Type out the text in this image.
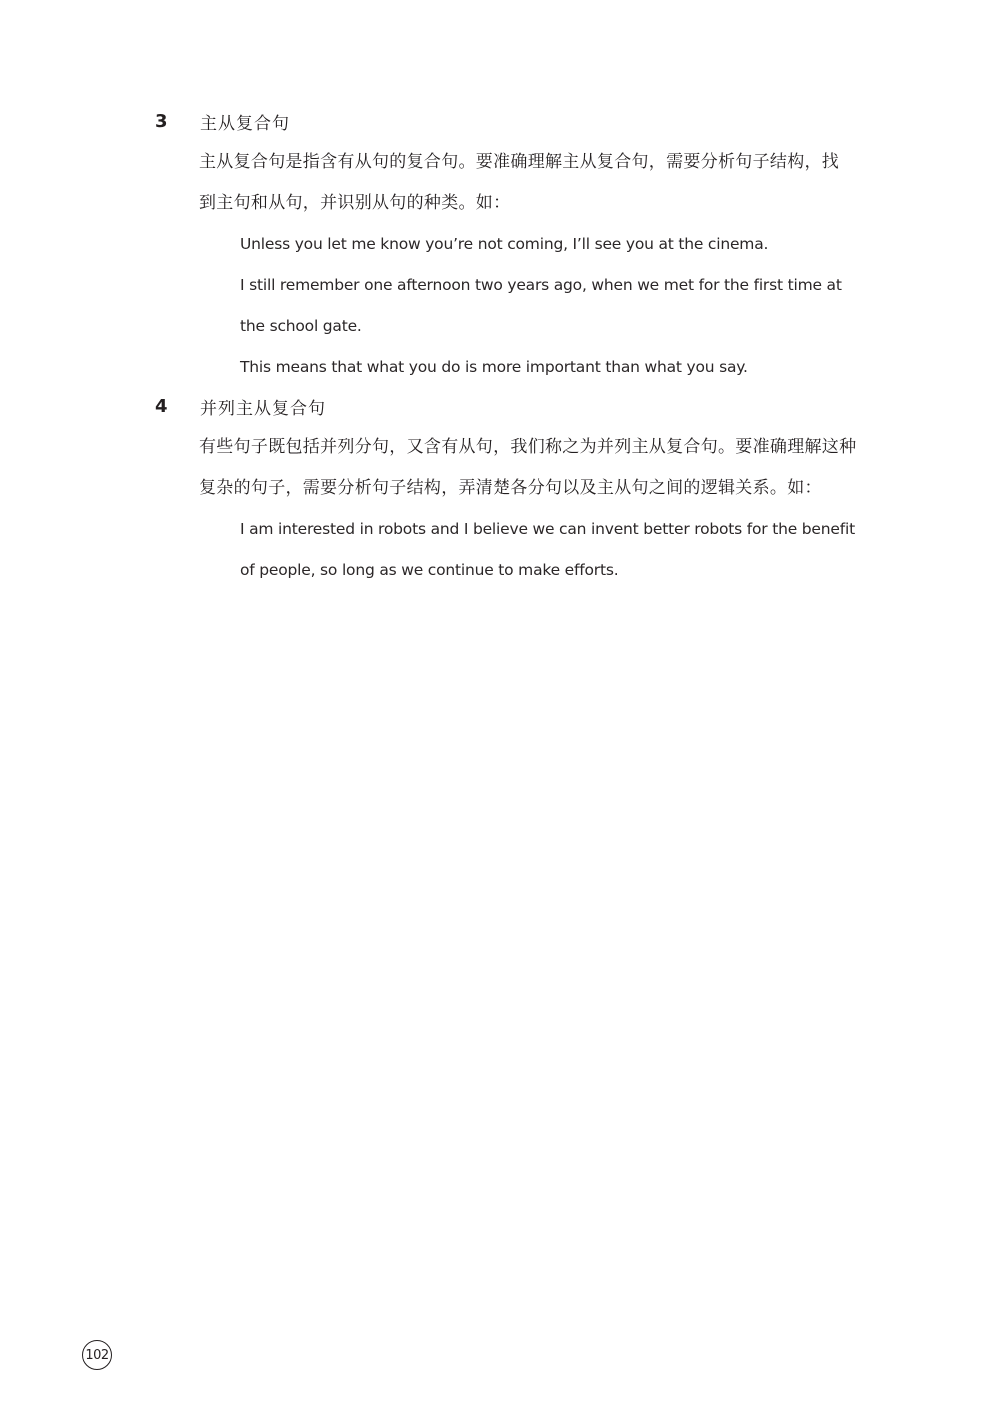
3	主从复合句
主从复合句是指含有从句的复合句。要准确理解主从复合句，需要分析句子结构，找
到主句和从句，并识别从句的种类。如：
Unless you let me know you’re not coming, I’ll see you at the cinema.
I still remember one afternoon two years ago, when we met for the first time at
the school gate.
This means that what you do is more important than what you say.
4	并列主从复合句
有些句子既包括并列分句，又含有从句，我们称之为并列主从复合句。要准确理解这种
复杂的句子，需要分析句子结构，弄清楚各分句以及主从句之间的逻辑关系。如：
I am interested in robots and I believe we can invent better robots for the benefit
of people, so long as we continue to make efforts.
102
